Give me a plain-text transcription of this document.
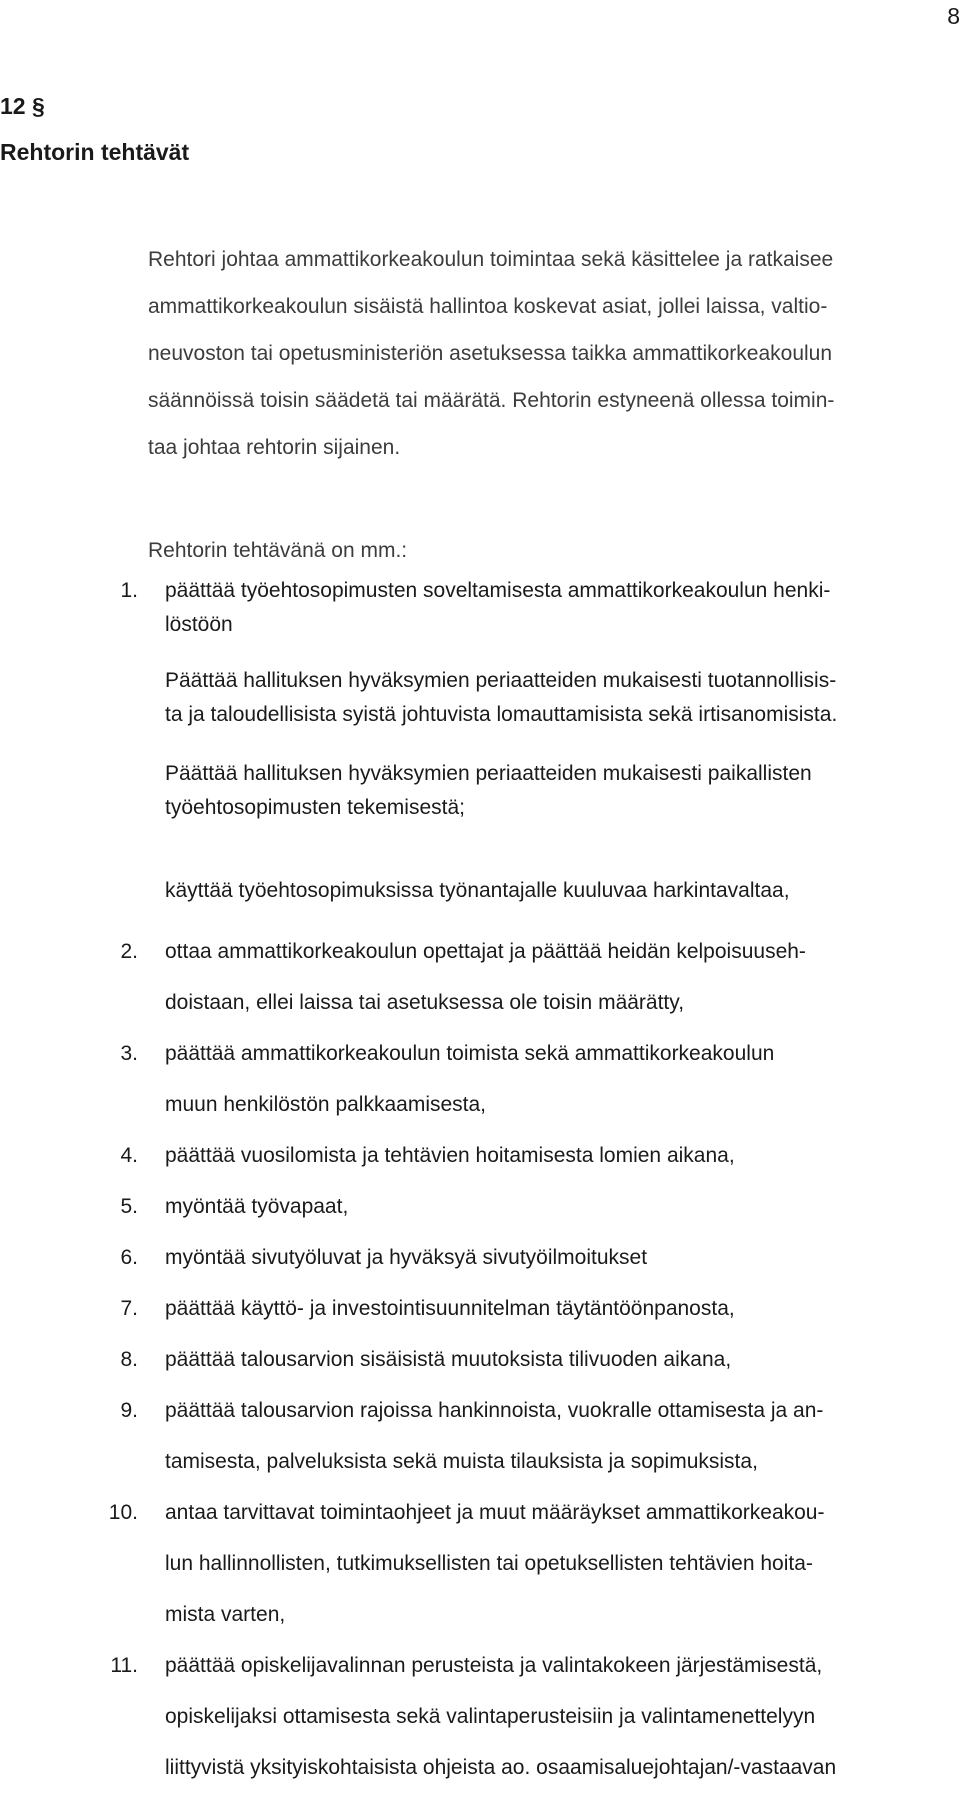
8
12 §
Rehtorin tehtävät

Rehtori johtaa ammattikorkeakoulun toimintaa sekä käsittelee ja ratkaisee
ammattikorkeakoulun sisäistä hallintoa koskevat asiat, jollei laissa, valtio-
neuvoston tai opetusministeriön asetuksessa taikka ammattikorkeakoulun
säännöissä toisin säädetä tai määrätä. Rehtorin estyneenä ollessa toimin-
taa johtaa rehtorin sijainen.

Rehtorin tehtävänä on mm.:
1. päättää työehtosopimusten soveltamisesta ammattikorkeakoulun henki-
löstöön
Päättää hallituksen hyväksymien periaatteiden mukaisesti tuotannollisis-
ta ja taloudellisista syistä johtuvista lomauttamisista sekä irtisanomisista.
Päättää hallituksen hyväksymien periaatteiden mukaisesti paikallisten
työehtosopimusten tekemisestä;
käyttää työehtosopimuksissa työnantajalle kuuluvaa harkintavaltaa,
2. ottaa ammattikorkeakoulun opettajat ja päättää heidän kelpoisuuseh-
doistaan, ellei laissa tai asetuksessa ole toisin määrätty,
3. päättää ammattikorkeakoulun toimista sekä ammattikorkeakoulun
muun henkilöstön palkkaamisesta,
4. päättää vuosilomista ja tehtävien hoitamisesta lomien aikana,
5. myöntää työvapaat,
6. myöntää sivutyöluvat ja hyväksyä sivutyöilmoitukset
7. päättää käyttö- ja investointisuunnitelman täytäntöönpanosta,
8. päättää talousarvion sisäisistä muutoksista tilivuoden aikana,
9. päättää talousarvion rajoissa hankinnoista, vuokralle ottamisesta ja an-
tamisesta, palveluksista sekä muista tilauksista ja sopimuksista,
10. antaa tarvittavat toimintaohjeet ja muut määräykset ammattikorkeakou-
lun hallinnollisten, tutkimuksellisten tai opetuksellisten tehtävien hoita-
mista varten,
11. päättää opiskelijavalinnan perusteista ja valintakokeen järjestämisestä,
opiskelijaksi ottamisesta sekä valintaperusteisiin ja valintamenettelyyn
liittyvistä yksityiskohtaisista ohjeista ao. osaamisaluejohtajan/-vastaavan
